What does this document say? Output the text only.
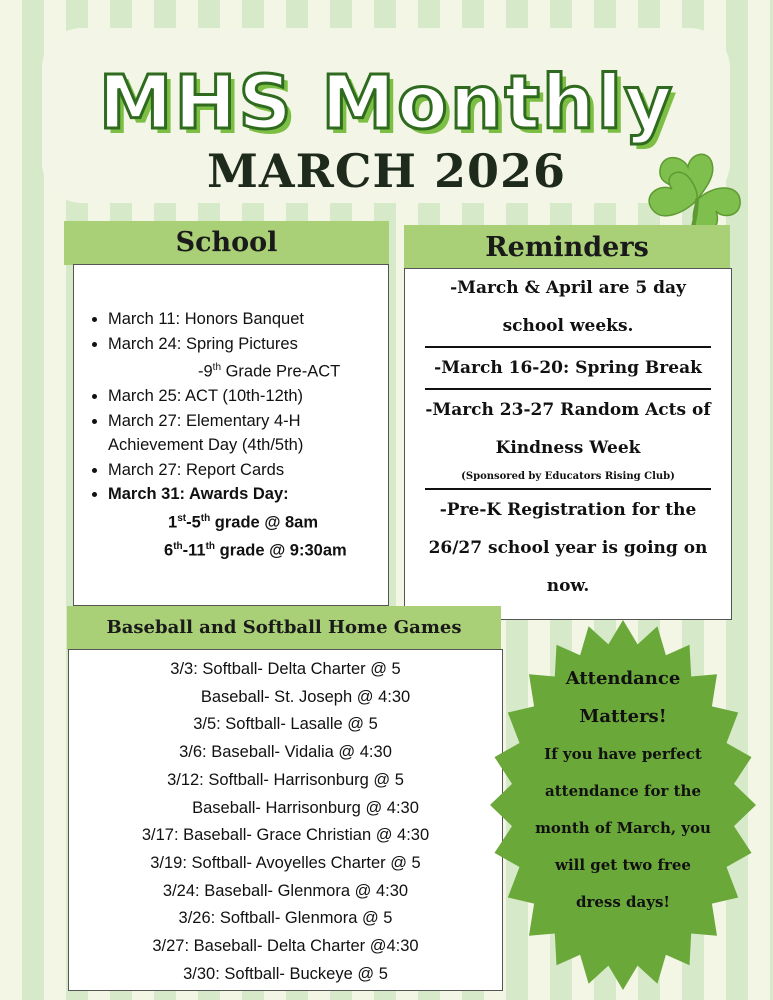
MHS Monthly
MARCH 2026
School
• March 11: Honors Banquet
• March 24: Spring Pictures
-9th Grade Pre-ACT
• March 25: ACT (10th-12th)
• March 27: Elementary 4-H
Achievement Day (4th/5th)
• March 27: Report Cards
• March 31: Awards Day:
1st-5th grade @ 8am
6th-11th grade @ 9:30am
Reminders
-March & April are 5 day
school weeks.
-March 16-20: Spring Break
-March 23-27 Random Acts of
Kindness Week
(Sponsored by Educators Rising Club)
-Pre-K Registration for the
26/27 school year is going on
now.
Baseball and Softball Home Games
3/3: Softball- Delta Charter @ 5
Baseball- St. Joseph @ 4:30
3/5: Softball- Lasalle @ 5
3/6: Baseball- Vidalia @ 4:30
3/12: Softball- Harrisonburg @ 5
Baseball- Harrisonburg @ 4:30
3/17: Baseball- Grace Christian @ 4:30
3/19: Softball- Avoyelles Charter @ 5
3/24: Baseball- Glenmora @ 4:30
3/26: Softball- Glenmora @ 5
3/27: Baseball- Delta Charter @4:30
3/30: Softball- Buckeye @ 5
Attendance
Matters!
If you have perfect
attendance for the
month of March, you
will get two free
dress days!
